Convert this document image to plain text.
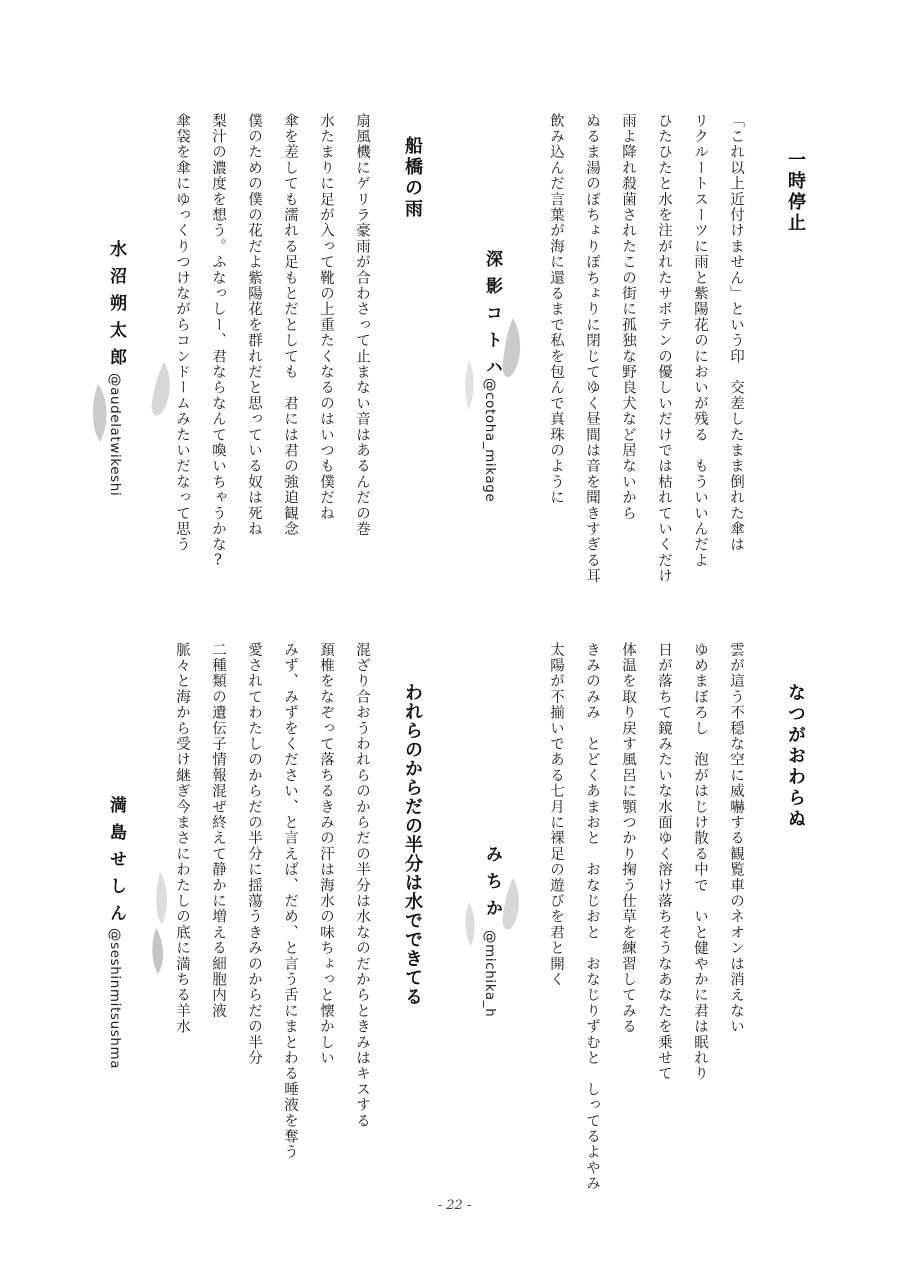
一時停止
「これ以上近付けません」という印　交差したまま倒れた傘は
リクルートスーツに雨と紫陽花のにおいが残る　もういいんだよ
ひたひたと水を注がれたサボテンの優しいだけでは枯れていくだけ
雨よ降れ殺菌されたこの街に孤独な野良犬など居ないから
ぬるま湯のぽちょりぽちょりに閉じてゆく昼間は音を聞きすぎる耳
飲み込んだ言葉が海に還るまで私を包んで真珠のように
深影コトハ
@cotoha_mikage
船橋の雨
扇風機にゲリラ豪雨が合わさって止まない音はあるんだの巻
水たまりに足が入って靴の上重たくなるのはいつも僕だね
傘を差しても濡れる足もとだとしても　君には君の強迫観念
僕のための僕の花だよ紫陽花を群れだと思っている奴は死ね
梨汁の濃度を想う。ふなっしー、君ならなんて喚いちゃうかな?
傘袋を傘にゆっくりつけながらコンドームみたいだなって思う
水沼朔太郎
@audelatwikeshi
なつがおわらぬ
雲が這う不穏な空に威嚇する観覧車のネオンは消えない
ゆめまぼろし　泡がはじけ散る中で　いと健やかに君は眠れり
日が落ちて鏡みたいな水面ゆく溶け落ちそうなあなたを乗せて
体温を取り戻す風呂に顎つかり掬う仕草を練習してみる
きみのみみ　とどくあまおと　おなじおと　おなじりずむと　しってるよやみ
太陽が不揃いである七月に裸足の遊びを君と開く
みちか
@michika_h
われらのからだの半分は水でできてる
混ざり合おうわれらのからだの半分は水なのだからときみはキスする
頚椎をなぞって落ちるきみの汗は海水の味ちょっと懐かしい
みず、みずをください、と言えば、だめ、と言う舌にまとわる唾液を奪う
愛されてわたしのからだの半分に揺蕩うきみのからだの半分
二種類の遺伝子情報混ぜ終えて静かに増える細胞内液
脈々と海から受け継ぎ今まさにわたしの底に満ちる羊水
満島せしん
@seshinmitsushma
- 22 -
